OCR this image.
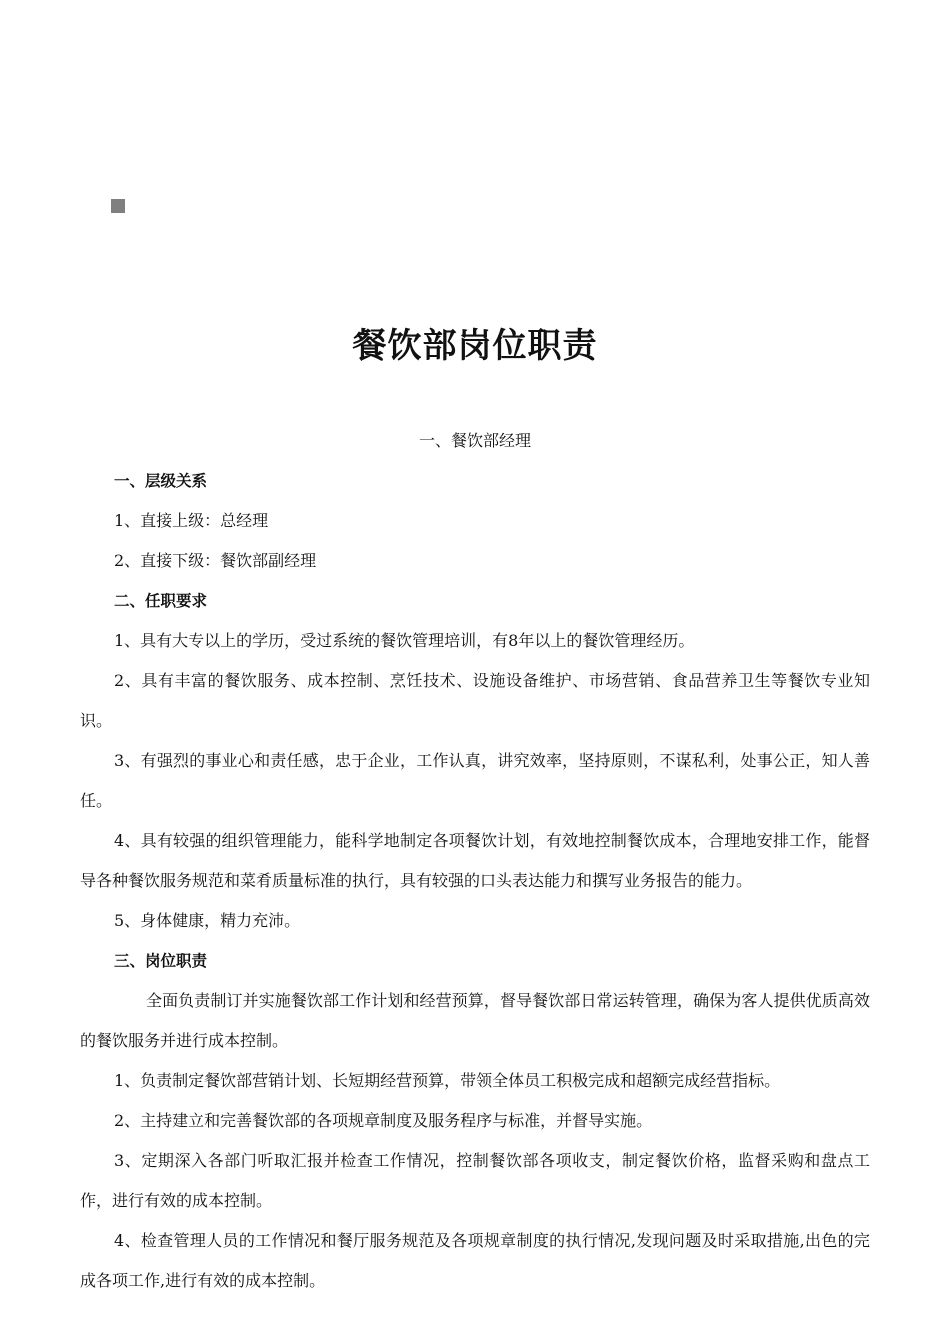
餐饮部岗位职责

一、餐饮部经理

一、层级关系

1、直接上级：总经理

2、直接下级：餐饮部副经理

二、任职要求

1、具有大专以上的学历，受过系统的餐饮管理培训，有8年以上的餐饮管理经历。

2、具有丰富的餐饮服务、成本控制、烹饪技术、设施设备维护、市场营销、食品营养卫生等餐饮专业知识。

3、有强烈的事业心和责任感，忠于企业，工作认真，讲究效率，坚持原则，不谋私利，处事公正，知人善任。

4、具有较强的组织管理能力，能科学地制定各项餐饮计划，有效地控制餐饮成本，合理地安排工作，能督导各种餐饮服务规范和菜肴质量标准的执行，具有较强的口头表达能力和撰写业务报告的能力。

5、身体健康，精力充沛。

三、岗位职责

全面负责制订并实施餐饮部工作计划和经营预算，督导餐饮部日常运转管理，确保为客人提供优质高效的餐饮服务并进行成本控制。

1、负责制定餐饮部营销计划、长短期经营预算，带领全体员工积极完成和超额完成经营指标。

2、主持建立和完善餐饮部的各项规章制度及服务程序与标准，并督导实施。

3、定期深入各部门听取汇报并检查工作情况，控制餐饮部各项收支，制定餐饮价格，监督采购和盘点工作，进行有效的成本控制。

4、检查管理人员的工作情况和餐厅服务规范及各项规章制度的执行情况,发现问题及时采取措施,出色的完成各项工作,进行有效的成本控制。
